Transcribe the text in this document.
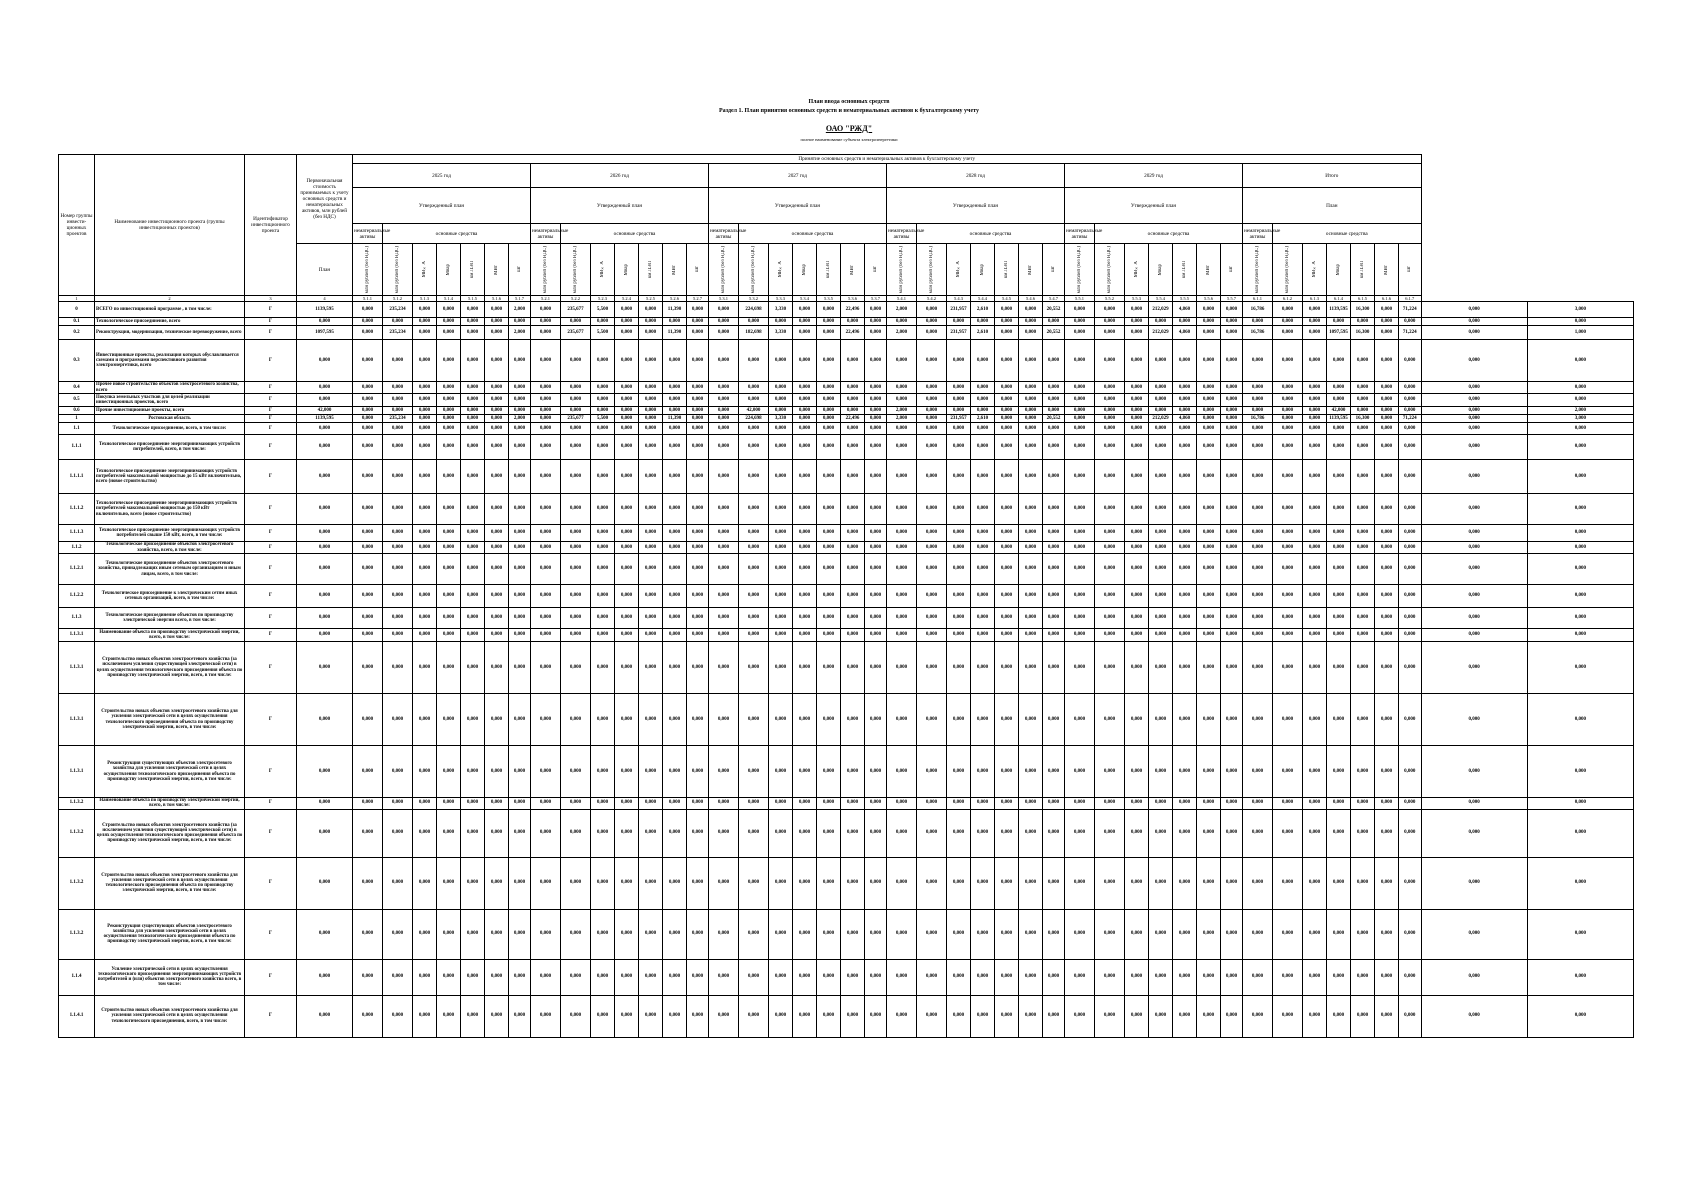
План ввода основных средств
Раздел 1. План принятия основных средств и нематериальных активов к бухгалтерскому учету
ОАО "РЖД"
полное наименование субъекта электроэнергетики
Номер группы инвести-ционных проектов	Наименование инвестиционного проекта (группы инвестиционных проектов)	Идентификатор инвестиционного проекта	Первоначальная стоимость принимаемых к учету основных средств и нематериальных активов, млн рублей (без НДС)	Принятие основных средств и нематериальных активов к бухгалтерскому учету																																											
				2025 год							2026 год							2027 год							2028 год							2029 год							Итого								
				Утвержденный план							Утвержденный план							Утвержденный план							Утвержденный план							Утвержденный план							План								
				нематериальные активы	основные средства						нематериальные активы	основные средства						нематериальные активы	основные средства						нематериальные активы	основные средства						нематериальные активы	основные средства						нематериальные активы	основные средства							
			План	млн рублей (без НДС)	млн рублей (без НДС)	МВ×А	Мвар	км ЛЭП	МВт	шт	млн рублей (без НДС)	млн рублей (без НДС)	МВ×А	Мвар	км ЛЭП	МВт	шт	млн рублей (без НДС)	млн рублей (без НДС)	МВ×А	Мвар	км ЛЭП	МВт	шт	млн рублей (без НДС)	млн рублей (без НДС)	МВ×А	Мвар	км ЛЭП	МВт	шт	млн рублей (без НДС)	млн рублей (без НДС)	МВ×А	Мвар	км ЛЭП	МВт	шт	млн рублей (без НДС)	млн рублей (без НДС)	МВ×А	Мвар	км ЛЭП	МВт	шт		

1	2	3	4	5.1.1	5.1.2	5.1.3	5.1.4	5.1.5	5.1.6	5.1.7	5.2.1	5.2.2	5.2.3	5.2.4	5.2.5	5.2.6	5.2.7	5.3.1	5.3.2	5.3.3	5.3.4	5.3.5	5.3.6	5.3.7	5.4.1	5.4.2	5.4.3	5.4.4	5.4.5	5.4.6	5.4.7	5.5.1	5.5.2	5.5.3	5.5.4	5.5.5	5.5.6	5.5.7	6.1.1	6.1.2	6.1.3	6.1.4	6.1.5	6.1.6	6.1.7		
0	ВСЕГО по инвестиционной программе , в том числе:	Г	1139,595	0,000	235,234	0,000	0,000	0,000	0,000	2,000	0,000	235,677	5,500	0,000	0,000	11,390	0,000	0,000	224,698	3,330	0,000	0,000	22,496	0,000	2,000	0,000	231,957	2,610	0,000	0,000	20,552	0,000	0,000	0,000	212,029	4,860	0,000	0,000	16,786	0,000	0,000	1139,595	16,300	0,000	71,224	0,000	3,000
0.1	Технологическое присоединение, всего	Г	0,000	0,000	0,000	0,000	0,000	0,000	0,000	0,000	0,000	0,000	0,000	0,000	0,000	0,000	0,000	0,000	0,000	0,000	0,000	0,000	0,000	0,000	0,000	0,000	0,000	0,000	0,000	0,000	0,000	0,000	0,000	0,000	0,000	0,000	0,000	0,000	0,000	0,000	0,000	0,000	0,000	0,000	0,000	0,000	0,000
0.2	Реконструкция, модернизация, техническое перевооружение, всего	Г	1097,595	0,000	235,234	0,000	0,000	0,000	0,000	2,000	0,000	235,677	5,500	0,000	0,000	11,390	0,000	0,000	182,698	3,330	0,000	0,000	22,496	0,000	2,000	0,000	231,957	2,610	0,000	0,000	20,552	0,000	0,000	0,000	212,029	4,860	0,000	0,000	16,786	0,000	0,000	1097,595	16,300	0,000	71,224	0,000	1,000
0.3	Инвестиционные проекты, реализация которых обуславливается схемами и программами перспективного развития электроэнергетики, всего	Г	0,000	0,000	0,000	0,000	0,000	0,000	0,000	0,000	0,000	0,000	0,000	0,000	0,000	0,000	0,000	0,000	0,000	0,000	0,000	0,000	0,000	0,000	0,000	0,000	0,000	0,000	0,000	0,000	0,000	0,000	0,000	0,000	0,000	0,000	0,000	0,000	0,000	0,000	0,000	0,000	0,000	0,000	0,000	0,000	0,000
0.4	Прочее новое строительство объектов электросетевого хозяйства, всего	Г	0,000	0,000	0,000	0,000	0,000	0,000	0,000	0,000	0,000	0,000	0,000	0,000	0,000	0,000	0,000	0,000	0,000	0,000	0,000	0,000	0,000	0,000	0,000	0,000	0,000	0,000	0,000	0,000	0,000	0,000	0,000	0,000	0,000	0,000	0,000	0,000	0,000	0,000	0,000	0,000	0,000	0,000	0,000	0,000	0,000
0.5	Покупка земельных участков для целей реализации инвестиционных проектов, всего	Г	0,000	0,000	0,000	0,000	0,000	0,000	0,000	0,000	0,000	0,000	0,000	0,000	0,000	0,000	0,000	0,000	0,000	0,000	0,000	0,000	0,000	0,000	0,000	0,000	0,000	0,000	0,000	0,000	0,000	0,000	0,000	0,000	0,000	0,000	0,000	0,000	0,000	0,000	0,000	0,000	0,000	0,000	0,000	0,000	0,000
0.6	Прочие инвестиционные проекты, всего	Г	42,000	0,000	0,000	0,000	0,000	0,000	0,000	0,000	0,000	0,000	0,000	0,000	0,000	0,000	0,000	0,000	42,000	0,000	0,000	0,000	0,000	0,000	2,000	0,000	0,000	0,000	0,000	0,000	0,000	0,000	0,000	0,000	0,000	0,000	0,000	0,000	0,000	0,000	0,000	42,000	0,000	0,000	0,000	0,000	2,000
1	Ростовская область	Г	1139,595	0,000	235,234	0,000	0,000	0,000	0,000	2,000	0,000	235,677	5,500	0,000	0,000	11,390	0,000	0,000	224,698	3,330	0,000	0,000	22,496	0,000	2,000	0,000	231,957	2,610	0,000	0,000	20,552	0,000	0,000	0,000	212,029	4,860	0,000	0,000	16,786	0,000	0,000	1139,595	16,300	0,000	71,224	0,000	3,000
1.1	Технологическое присоединение, всего, в том числе:	Г	0,000	0,000	0,000	0,000	0,000	0,000	0,000	0,000	0,000	0,000	0,000	0,000	0,000	0,000	0,000	0,000	0,000	0,000	0,000	0,000	0,000	0,000	0,000	0,000	0,000	0,000	0,000	0,000	0,000	0,000	0,000	0,000	0,000	0,000	0,000	0,000	0,000	0,000	0,000	0,000	0,000	0,000	0,000	0,000	0,000
1.1.1	Технологическое присоединение энергопринимающих устройств потребителей, всего, в том числе:	Г	0,000	0,000	0,000	0,000	0,000	0,000	0,000	0,000	0,000	0,000	0,000	0,000	0,000	0,000	0,000	0,000	0,000	0,000	0,000	0,000	0,000	0,000	0,000	0,000	0,000	0,000	0,000	0,000	0,000	0,000	0,000	0,000	0,000	0,000	0,000	0,000	0,000	0,000	0,000	0,000	0,000	0,000	0,000	0,000	0,000
1.1.1.1	Технологическое присоединение энергопринимающих устройств потребителей максимальной мощностью до 15 кВт включительно, всего (новое строительство)	Г	0,000	0,000	0,000	0,000	0,000	0,000	0,000	0,000	0,000	0,000	0,000	0,000	0,000	0,000	0,000	0,000	0,000	0,000	0,000	0,000	0,000	0,000	0,000	0,000	0,000	0,000	0,000	0,000	0,000	0,000	0,000	0,000	0,000	0,000	0,000	0,000	0,000	0,000	0,000	0,000	0,000	0,000	0,000	0,000	0,000
1.1.1.2	Технологическое присоединение энергопринимающих устройств потребителей максимальной мощностью до 150 кВт включительно, всего (новое строительство)	Г	0,000	0,000	0,000	0,000	0,000	0,000	0,000	0,000	0,000	0,000	0,000	0,000	0,000	0,000	0,000	0,000	0,000	0,000	0,000	0,000	0,000	0,000	0,000	0,000	0,000	0,000	0,000	0,000	0,000	0,000	0,000	0,000	0,000	0,000	0,000	0,000	0,000	0,000	0,000	0,000	0,000	0,000	0,000	0,000	0,000
1.1.1.3	Технологическое присоединение энергопринимающих устройств потребителей свыше 150 кВт, всего, в том числе:	Г	0,000	0,000	0,000	0,000	0,000	0,000	0,000	0,000	0,000	0,000	0,000	0,000	0,000	0,000	0,000	0,000	0,000	0,000	0,000	0,000	0,000	0,000	0,000	0,000	0,000	0,000	0,000	0,000	0,000	0,000	0,000	0,000	0,000	0,000	0,000	0,000	0,000	0,000	0,000	0,000	0,000	0,000	0,000	0,000	0,000
1.1.2	Технологическое присоединение объектов электросетевого хозяйства, всего, в том числе:	Г	0,000	0,000	0,000	0,000	0,000	0,000	0,000	0,000	0,000	0,000	0,000	0,000	0,000	0,000	0,000	0,000	0,000	0,000	0,000	0,000	0,000	0,000	0,000	0,000	0,000	0,000	0,000	0,000	0,000	0,000	0,000	0,000	0,000	0,000	0,000	0,000	0,000	0,000	0,000	0,000	0,000	0,000	0,000	0,000	0,000
1.1.2.1	Технологическое присоединение объектов электросетевого хозяйства, принадлежащих иным сетевым организациям и иным лицам, всего, в том числе:	Г	0,000	0,000	0,000	0,000	0,000	0,000	0,000	0,000	0,000	0,000	0,000	0,000	0,000	0,000	0,000	0,000	0,000	0,000	0,000	0,000	0,000	0,000	0,000	0,000	0,000	0,000	0,000	0,000	0,000	0,000	0,000	0,000	0,000	0,000	0,000	0,000	0,000	0,000	0,000	0,000	0,000	0,000	0,000	0,000	0,000
1.1.2.2	Технологическое присоединение к электрическим сетям иных сетевых организаций, всего, в том числе:	Г	0,000	0,000	0,000	0,000	0,000	0,000	0,000	0,000	0,000	0,000	0,000	0,000	0,000	0,000	0,000	0,000	0,000	0,000	0,000	0,000	0,000	0,000	0,000	0,000	0,000	0,000	0,000	0,000	0,000	0,000	0,000	0,000	0,000	0,000	0,000	0,000	0,000	0,000	0,000	0,000	0,000	0,000	0,000	0,000	0,000
1.1.3	Технологическое присоединение объектов по производству электрической энергии всего, в том числе:	Г	0,000	0,000	0,000	0,000	0,000	0,000	0,000	0,000	0,000	0,000	0,000	0,000	0,000	0,000	0,000	0,000	0,000	0,000	0,000	0,000	0,000	0,000	0,000	0,000	0,000	0,000	0,000	0,000	0,000	0,000	0,000	0,000	0,000	0,000	0,000	0,000	0,000	0,000	0,000	0,000	0,000	0,000	0,000	0,000	0,000
1.1.3.1	Наименование объекта по производству электрической энергии, всего, в том числе:	Г	0,000	0,000	0,000	0,000	0,000	0,000	0,000	0,000	0,000	0,000	0,000	0,000	0,000	0,000	0,000	0,000	0,000	0,000	0,000	0,000	0,000	0,000	0,000	0,000	0,000	0,000	0,000	0,000	0,000	0,000	0,000	0,000	0,000	0,000	0,000	0,000	0,000	0,000	0,000	0,000	0,000	0,000	0,000	0,000	0,000
1.1.3.1	Строительство новых объектов электросетевого хозяйства (за исключением усиления существующей электрической сети) в целях осуществления технологического присоединения объекта по производству электрической энергии, всего, в том числе:	Г	0,000	0,000	0,000	0,000	0,000	0,000	0,000	0,000	0,000	0,000	0,000	0,000	0,000	0,000	0,000	0,000	0,000	0,000	0,000	0,000	0,000	0,000	0,000	0,000	0,000	0,000	0,000	0,000	0,000	0,000	0,000	0,000	0,000	0,000	0,000	0,000	0,000	0,000	0,000	0,000	0,000	0,000	0,000	0,000	0,000
1.1.3.1	Строительство новых объектов электросетевого хозяйства для усиления электрической сети в целях осуществления технологического присоединения объекта по производству электрической энергии, всего, в том числе:	Г	0,000	0,000	0,000	0,000	0,000	0,000	0,000	0,000	0,000	0,000	0,000	0,000	0,000	0,000	0,000	0,000	0,000	0,000	0,000	0,000	0,000	0,000	0,000	0,000	0,000	0,000	0,000	0,000	0,000	0,000	0,000	0,000	0,000	0,000	0,000	0,000	0,000	0,000	0,000	0,000	0,000	0,000	0,000	0,000	0,000
1.1.3.1	Реконструкция существующих объектов электросетевого хозяйства для усиления электрической сети в целях осуществления технологического присоединения объекта по производству электрической энергии, всего, в том числе:	Г	0,000	0,000	0,000	0,000	0,000	0,000	0,000	0,000	0,000	0,000	0,000	0,000	0,000	0,000	0,000	0,000	0,000	0,000	0,000	0,000	0,000	0,000	0,000	0,000	0,000	0,000	0,000	0,000	0,000	0,000	0,000	0,000	0,000	0,000	0,000	0,000	0,000	0,000	0,000	0,000	0,000	0,000	0,000	0,000	0,000
1.1.3.2	Наименование объекта по производству электрической энергии, всего, в том числе:	Г	0,000	0,000	0,000	0,000	0,000	0,000	0,000	0,000	0,000	0,000	0,000	0,000	0,000	0,000	0,000	0,000	0,000	0,000	0,000	0,000	0,000	0,000	0,000	0,000	0,000	0,000	0,000	0,000	0,000	0,000	0,000	0,000	0,000	0,000	0,000	0,000	0,000	0,000	0,000	0,000	0,000	0,000	0,000	0,000	0,000
1.1.3.2	Строительство новых объектов электросетевого хозяйства (за исключением усиления существующей электрической сети) в целях осуществления технологического присоединения объекта по производству электрической энергии, всего, в том числе:	Г	0,000	0,000	0,000	0,000	0,000	0,000	0,000	0,000	0,000	0,000	0,000	0,000	0,000	0,000	0,000	0,000	0,000	0,000	0,000	0,000	0,000	0,000	0,000	0,000	0,000	0,000	0,000	0,000	0,000	0,000	0,000	0,000	0,000	0,000	0,000	0,000	0,000	0,000	0,000	0,000	0,000	0,000	0,000	0,000	0,000
1.1.3.2	Строительство новых объектов электросетевого хозяйства для усиления электрической сети в целях осуществления технологического присоединения объекта по производству электрической энергии, всего, в том числе:	Г	0,000	0,000	0,000	0,000	0,000	0,000	0,000	0,000	0,000	0,000	0,000	0,000	0,000	0,000	0,000	0,000	0,000	0,000	0,000	0,000	0,000	0,000	0,000	0,000	0,000	0,000	0,000	0,000	0,000	0,000	0,000	0,000	0,000	0,000	0,000	0,000	0,000	0,000	0,000	0,000	0,000	0,000	0,000	0,000	0,000
1.1.3.2	Реконструкция существующих объектов электросетевого хозяйства для усиления электрической сети в целях осуществления технологического присоединения объекта по производству электрической энергии, всего, в том числе:	Г	0,000	0,000	0,000	0,000	0,000	0,000	0,000	0,000	0,000	0,000	0,000	0,000	0,000	0,000	0,000	0,000	0,000	0,000	0,000	0,000	0,000	0,000	0,000	0,000	0,000	0,000	0,000	0,000	0,000	0,000	0,000	0,000	0,000	0,000	0,000	0,000	0,000	0,000	0,000	0,000	0,000	0,000	0,000	0,000	0,000
1.1.4	Усиление электрической сети в целях осуществления технологического присоединения энергопринимающих устройств потребителей и (или) объектов электросетевого хозяйства всего, в том числе:	Г	0,000	0,000	0,000	0,000	0,000	0,000	0,000	0,000	0,000	0,000	0,000	0,000	0,000	0,000	0,000	0,000	0,000	0,000	0,000	0,000	0,000	0,000	0,000	0,000	0,000	0,000	0,000	0,000	0,000	0,000	0,000	0,000	0,000	0,000	0,000	0,000	0,000	0,000	0,000	0,000	0,000	0,000	0,000	0,000	0,000
1.1.4.1	Строительство новых объектов электросетевого хозяйства для усиления электрической сети в целях осуществления технологического присоединения, всего, в том числе:	Г	0,000	0,000	0,000	0,000	0,000	0,000	0,000	0,000	0,000	0,000	0,000	0,000	0,000	0,000	0,000	0,000	0,000	0,000	0,000	0,000	0,000	0,000	0,000	0,000	0,000	0,000	0,000	0,000	0,000	0,000	0,000	0,000	0,000	0,000	0,000	0,000	0,000	0,000	0,000	0,000	0,000	0,000	0,000	0,000	0,000
